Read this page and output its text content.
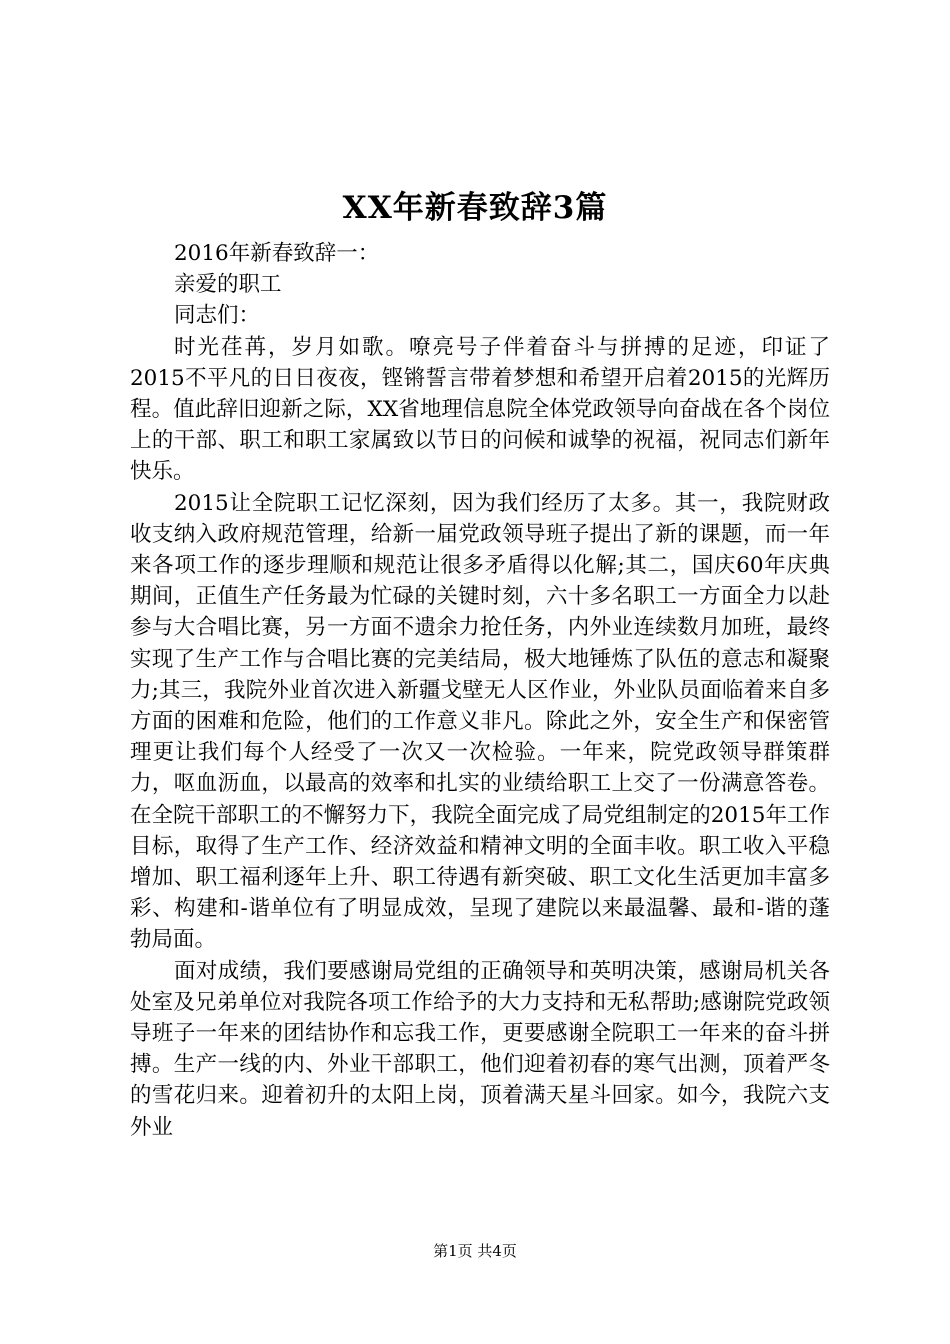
XX年新春致辞3篇

2016年新春致辞一：

亲爱的职工

同志们：

时光荏苒，岁月如歌。嘹亮号子伴着奋斗与拼搏的足迹，印证了2015不平凡的日日夜夜，铿锵誓言带着梦想和希望开启着2015的光辉历程。值此辞旧迎新之际，XX省地理信息院全体党政领导向奋战在各个岗位上的干部、职工和职工家属致以节日的问候和诚挚的祝福，祝同志们新年快乐。

2015让全院职工记忆深刻，因为我们经历了太多。其一，我院财政收支纳入政府规范管理，给新一届党政领导班子提出了新的课题，而一年来各项工作的逐步理顺和规范让很多矛盾得以化解;其二，国庆60年庆典期间，正值生产任务最为忙碌的关键时刻，六十多名职工一方面全力以赴参与大合唱比赛，另一方面不遗余力抢任务，内外业连续数月加班，最终实现了生产工作与合唱比赛的完美结局，极大地锤炼了队伍的意志和凝聚力;其三，我院外业首次进入新疆戈壁无人区作业，外业队员面临着来自多方面的困难和危险，他们的工作意义非凡。除此之外，安全生产和保密管理更让我们每个人经受了一次又一次检验。一年来，院党政领导群策群力，呕血沥血，以最高的效率和扎实的业绩给职工上交了一份满意答卷。在全院干部职工的不懈努力下，我院全面完成了局党组制定的2015年工作目标，取得了生产工作、经济效益和精神文明的全面丰收。职工收入平稳增加、职工福利逐年上升、职工待遇有新突破、职工文化生活更加丰富多彩、构建和-谐单位有了明显成效，呈现了建院以来最温馨、最和-谐的蓬勃局面。

面对成绩，我们要感谢局党组的正确领导和英明决策，感谢局机关各处室及兄弟单位对我院各项工作给予的大力支持和无私帮助;感谢院党政领导班子一年来的团结协作和忘我工作，更要感谢全院职工一年来的奋斗拼搏。生产一线的内、外业干部职工，他们迎着初春的寒气出测，顶着严冬的雪花归来。迎着初升的太阳上岗，顶着满天星斗回家。如今，我院六支外业

第1页 共4页
